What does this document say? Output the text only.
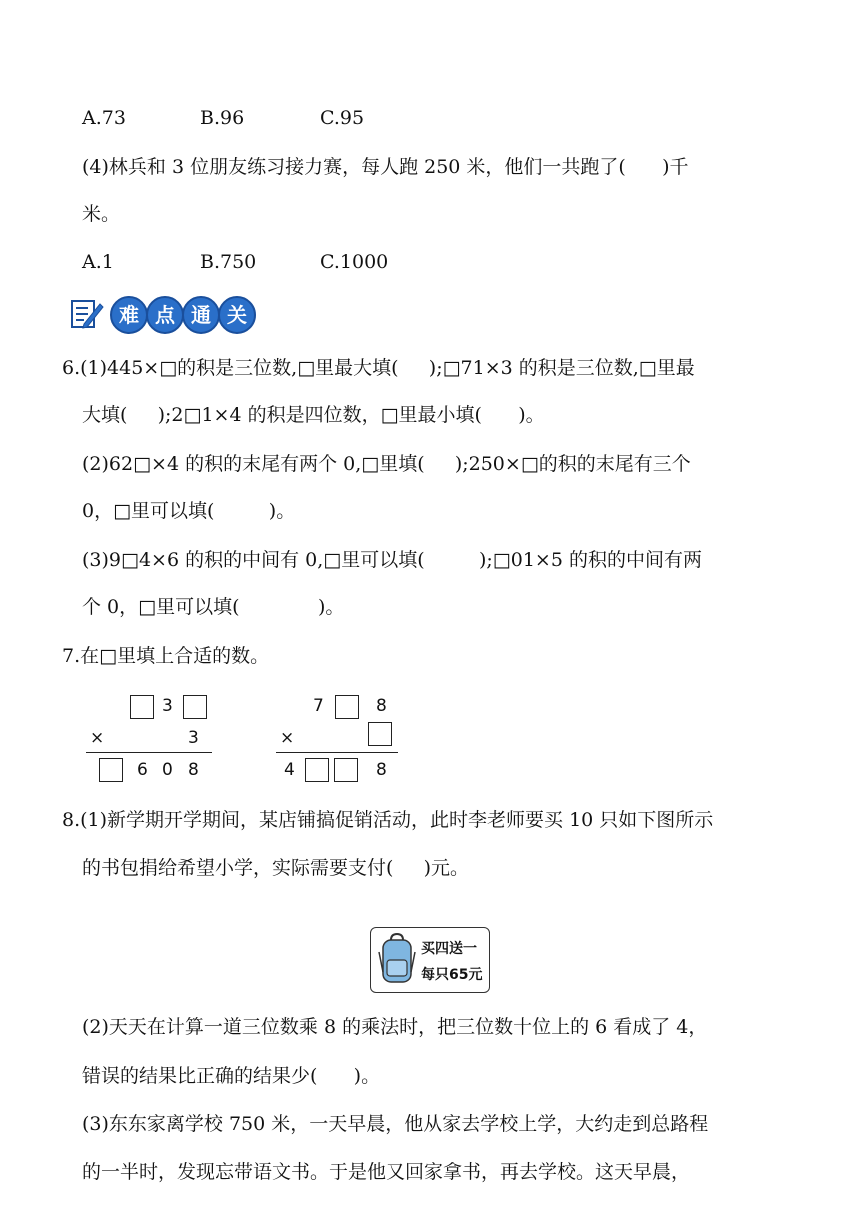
A.73	B.96	C.95
(4)林兵和 3 位朋友练习接力赛，每人跑 250 米，他们一共跑了(      )千
米。
A.1	B.750	C.1000
难 点 通 关
6.(1)445×□的积是三位数,□里最大填(     );□71×3 的积是三位数,□里最
大填(     );2□1×4 的积是四位数，□里最小填(      )。
(2)62□×4 的积的末尾有两个 0,□里填(     );250×□的积的末尾有三个
0，□里可以填(         )。
(3)9□4×6 的积的中间有 0,□里可以填(         );□01×5 的积的中间有两
个 0，□里可以填(             )。
7.在□里填上合适的数。
3
×	3
6 0 8
7	8
×
4	8
8.(1)新学期开学期间，某店铺搞促销活动，此时李老师要买 10 只如下图所示
的书包捐给希望小学，实际需要支付(     )元。
买四送一
每只65元
(2)天天在计算一道三位数乘 8 的乘法时，把三位数十位上的 6 看成了 4，
错误的结果比正确的结果少(      )。
(3)东东家离学校 750 米，一天早晨，他从家去学校上学，大约走到总路程
的一半时，发现忘带语文书。于是他又回家拿书，再去学校。这天早晨，
